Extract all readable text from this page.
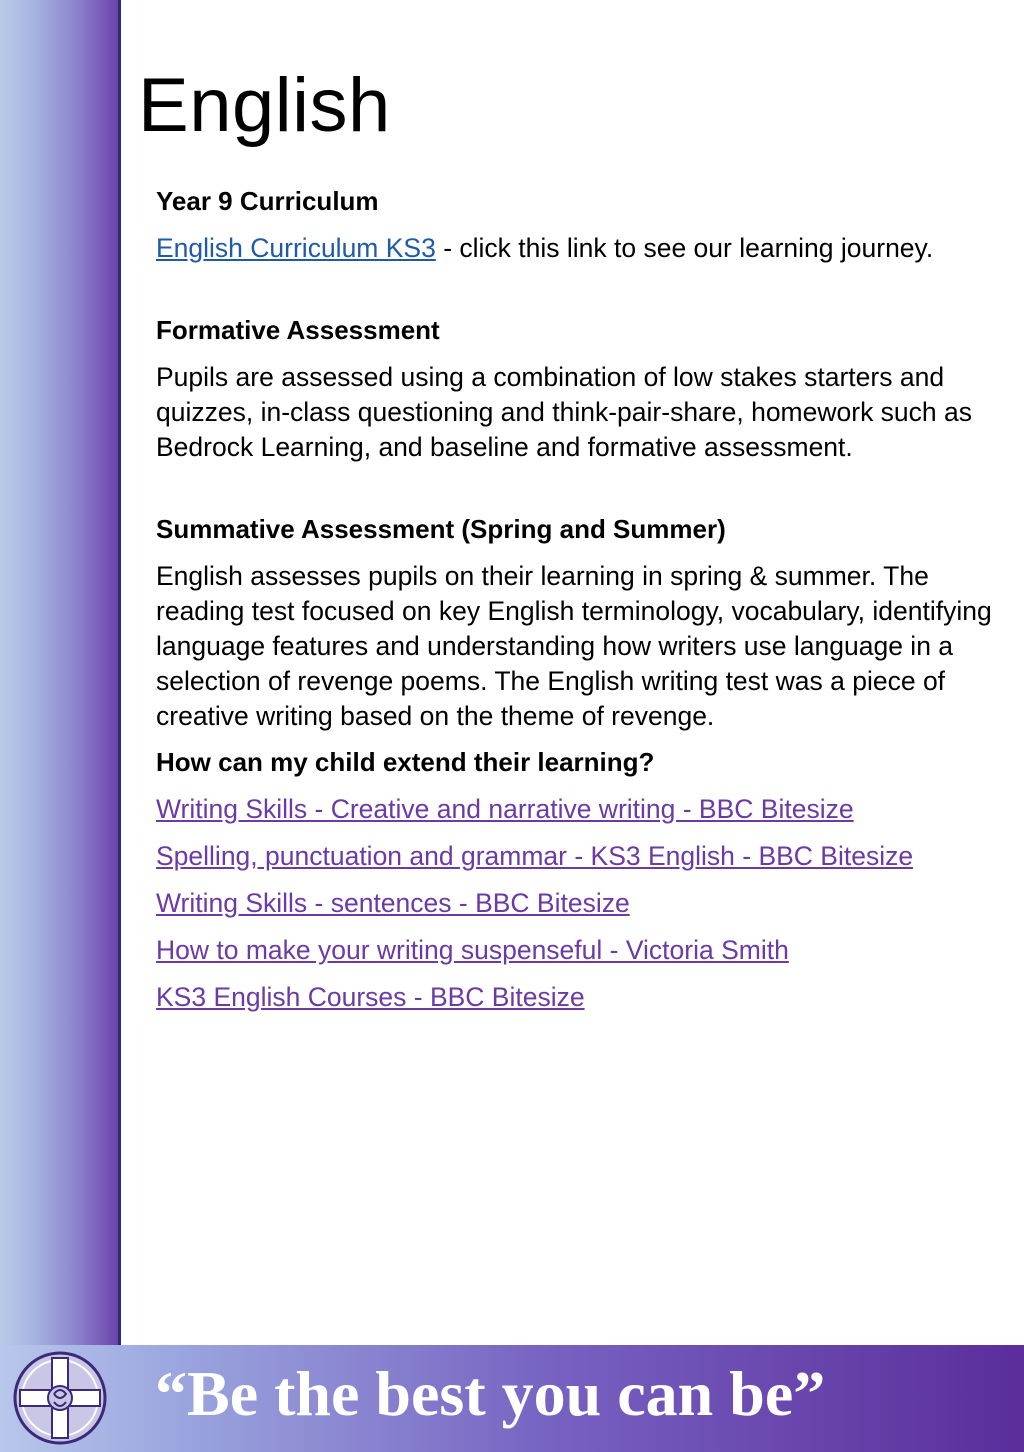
English

Year 9 Curriculum

English Curriculum KS3 - click this link to see our learning journey.

Formative Assessment

Pupils are assessed using a combination of low stakes starters and quizzes, in-class questioning and think-pair-share, homework such as Bedrock Learning, and baseline and formative assessment.

Summative Assessment (Spring and Summer)

English assesses pupils on their learning in spring & summer. The reading test focused on key English terminology, vocabulary, identifying language features and understanding how writers use language in a selection of revenge poems. The English writing test was a piece of creative writing based on the theme of revenge.

How can my child extend their learning?

Writing Skills - Creative and narrative writing - BBC Bitesize
Spelling, punctuation and grammar - KS3 English - BBC Bitesize
Writing Skills - sentences - BBC Bitesize
How to make your writing suspenseful - Victoria Smith
KS3 English Courses - BBC Bitesize
“Be the best you can be”
